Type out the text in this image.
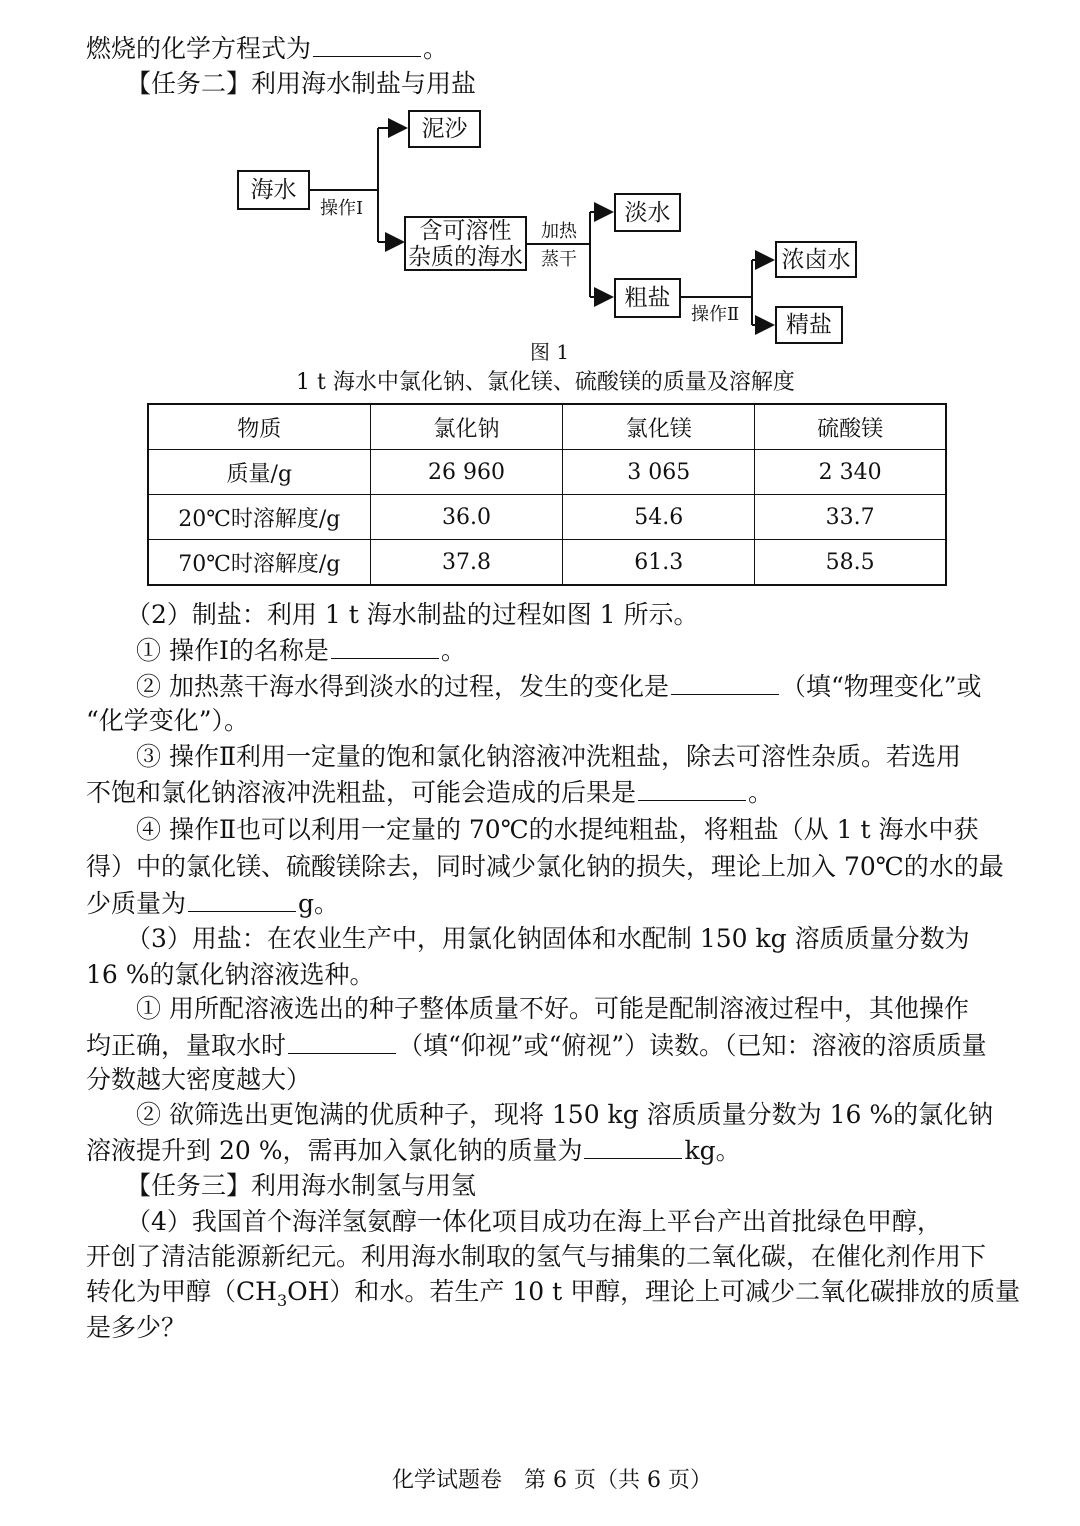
燃烧的化学方程式为	。
【任务二】利用海水制盐与用盐
海水
泥沙
含可溶性
杂质的海水
淡水
粗盐
浓卤水
精盐
操作Ⅰ
加热
蒸干
操作Ⅱ
图 1
1 t 海水中氯化钠、氯化镁、硫酸镁的质量及溶解度
物质	氯化钠	氯化镁	硫酸镁
质量/g	26 960	3 065	2 340
20℃时溶解度/g	36.0	54.6	33.7
70℃时溶解度/g	37.8	61.3	58.5
（2）制盐：利用 1 t 海水制盐的过程如图 1 所示。
① 操作Ⅰ的名称是	。
② 加热蒸干海水得到淡水的过程，发生的变化是	（填“物理变化”或
“化学变化”）。
③ 操作Ⅱ利用一定量的饱和氯化钠溶液冲洗粗盐，除去可溶性杂质。若选用
不饱和氯化钠溶液冲洗粗盐，可能会造成的后果是	。
④ 操作Ⅱ也可以利用一定量的 70℃的水提纯粗盐，将粗盐（从 1 t 海水中获
得）中的氯化镁、硫酸镁除去，同时减少氯化钠的损失，理论上加入 70℃的水的最
少质量为	g。
（3）用盐：在农业生产中，用氯化钠固体和水配制 150 kg 溶质质量分数为
16 %的氯化钠溶液选种。
① 用所配溶液选出的种子整体质量不好。可能是配制溶液过程中，其他操作
均正确，量取水时	（填“仰视”或“俯视”）读数。（已知：溶液的溶质质量
分数越大密度越大）
② 欲筛选出更饱满的优质种子，现将 150 kg 溶质质量分数为 16 %的氯化钠
溶液提升到 20 %，需再加入氯化钠的质量为	kg。
【任务三】利用海水制氢与用氢
（4）我国首个海洋氢氨醇一体化项目成功在海上平台产出首批绿色甲醇，
开创了清洁能源新纪元。利用海水制取的氢气与捕集的二氧化碳，在催化剂作用下
转化为甲醇$(CH_3OH)$和水。若生产 10 t 甲醇，理论上可减少二氧化碳排放的质量
是多少？
化学试题卷　第 6 页（共 6 页）
